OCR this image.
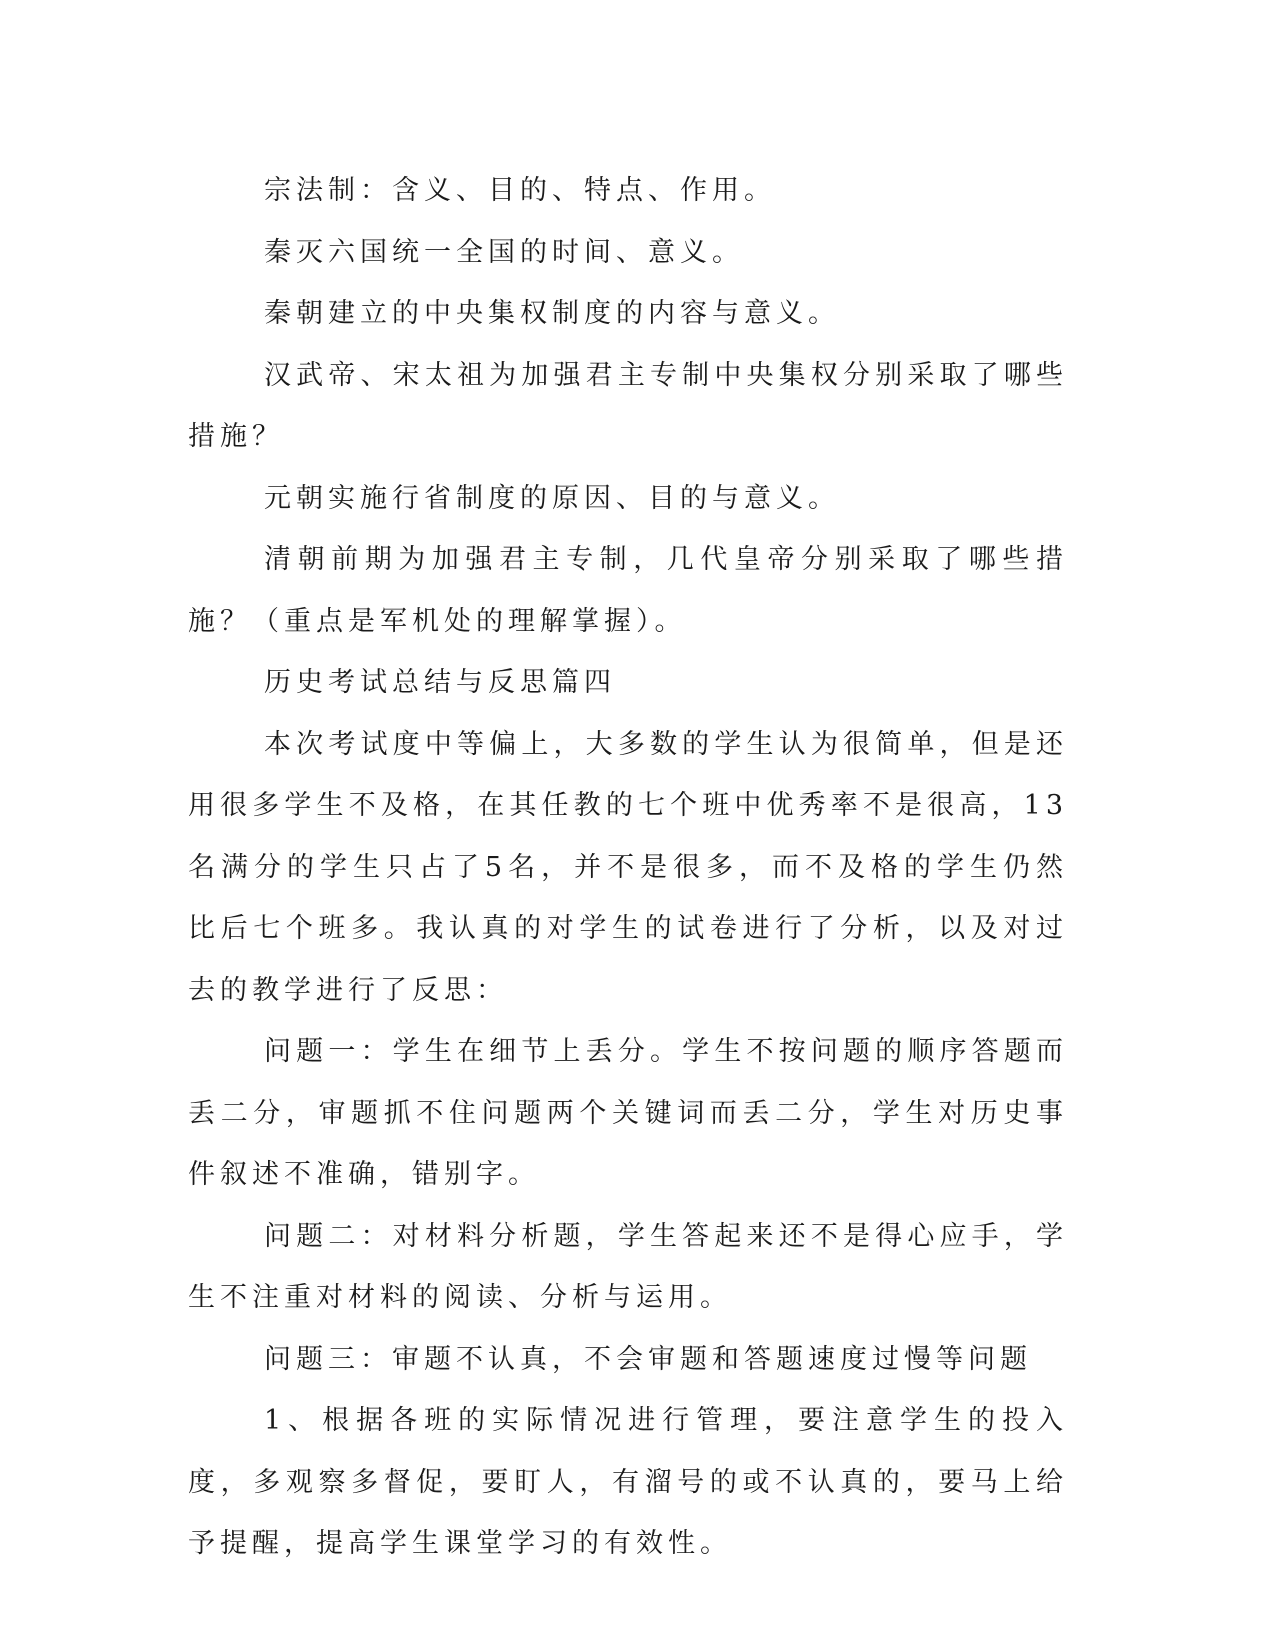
宗法制：含义、目的、特点、作用。

秦灭六国统一全国的时间、意义。

秦朝建立的中央集权制度的内容与意义。

汉武帝、宋太祖为加强君主专制中央集权分别采取了哪些措施？

元朝实施行省制度的原因、目的与意义。

清朝前期为加强君主专制，几代皇帝分别采取了哪些措施？（重点是军机处的理解掌握）。

历史考试总结与反思篇四

本次考试度中等偏上，大多数的学生认为很简单，但是还用很多学生不及格，在其任教的七个班中优秀率不是很高，13名满分的学生只占了5名，并不是很多，而不及格的学生仍然比后七个班多。我认真的对学生的试卷进行了分析，以及对过去的教学进行了反思：

问题一：学生在细节上丢分。学生不按问题的顺序答题而丢二分，审题抓不住问题两个关键词而丢二分，学生对历史事件叙述不准确，错别字。

问题二：对材料分析题，学生答起来还不是得心应手，学生不注重对材料的阅读、分析与运用。

问题三：审题不认真，不会审题和答题速度过慢等问题

1、根据各班的实际情况进行管理，要注意学生的投入度，多观察多督促，要盯人，有溜号的或不认真的，要马上给予提醒，提高学生课堂学习的有效性。
